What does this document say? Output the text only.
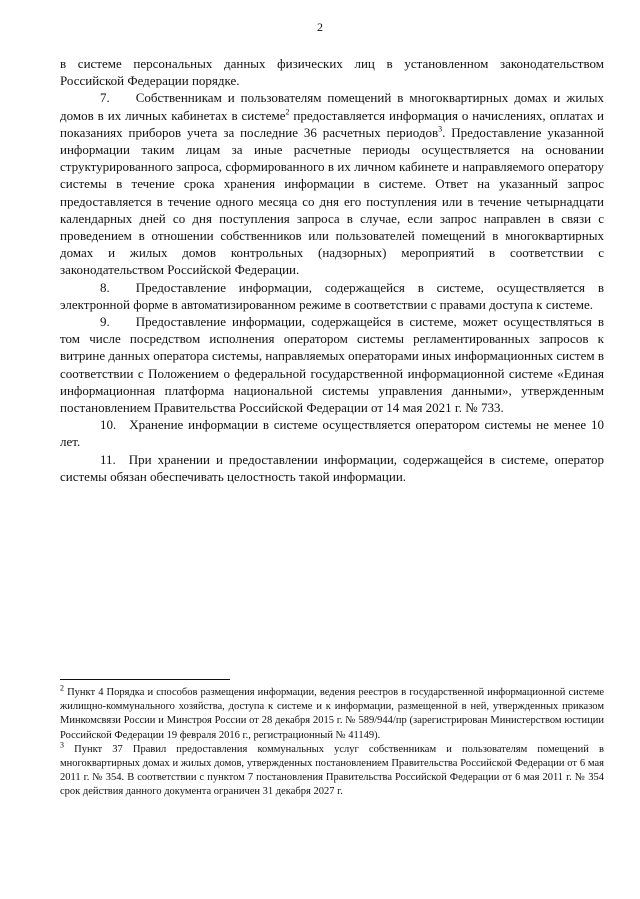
2

в системе персональных данных физических лиц в установленном законодательством Российской Федерации порядке.

7.  Собственникам и пользователям помещений в многоквартирных домах и жилых домов в их личных кабинетах в системе$^2$ предоставляется информация о начислениях, оплатах и показаниях приборов учета за последние 36 расчетных периодов$^3$. Предоставление указанной информации таким лицам за иные расчетные периоды осуществляется на основании структурированного запроса, сформированного в их личном кабинете и направляемого оператору системы в течение срока хранения информации в системе. Ответ на указанный запрос предоставляется в течение одного месяца со дня его поступления или в течение четырнадцати календарных дней со дня поступления запроса в случае, если запрос направлен в связи с проведением в отношении собственников или пользователей помещений в многоквартирных домах и жилых домов контрольных (надзорных) мероприятий в соответствии с законодательством Российской Федерации.

8.  Предоставление информации, содержащейся в системе, осуществляется в электронной форме в автоматизированном режиме в соответствии с правами доступа к системе.

9.  Предоставление информации, содержащейся в системе, может осуществляться в том числе посредством исполнения оператором системы регламентированных запросов к витрине данных оператора системы, направляемых операторами иных информационных систем в соответствии с Положением о федеральной государственной информационной системе «Единая информационная платформа национальной системы управления данными», утвержденным постановлением Правительства Российской Федерации от 14 мая 2021 г. № 733.

10. Хранение информации в системе осуществляется оператором системы не менее 10 лет.

11. При хранении и предоставлении информации, содержащейся в системе, оператор системы обязан обеспечивать целостность такой информации.

$^2$ Пункт 4 Порядка и способов размещения информации, ведения реестров в государственной информационной системе жилищно-коммунального хозяйства, доступа к системе и к информации, размещенной в ней, утвержденных приказом Минкомсвязи России и Минстроя России от 28 декабря 2015 г. № 589/944/пр (зарегистрирован Министерством юстиции Российской Федерации 19 февраля 2016 г., регистрационный № 41149).

$^3$ Пункт 37 Правил предоставления коммунальных услуг собственникам и пользователям помещений в многоквартирных домах и жилых домов, утвержденных постановлением Правительства Российской Федерации от 6 мая 2011 г. № 354. В соответствии с пунктом 7 постановления Правительства Российской Федерации от 6 мая 2011 г. № 354 срок действия данного документа ограничен 31 декабря 2027 г.
